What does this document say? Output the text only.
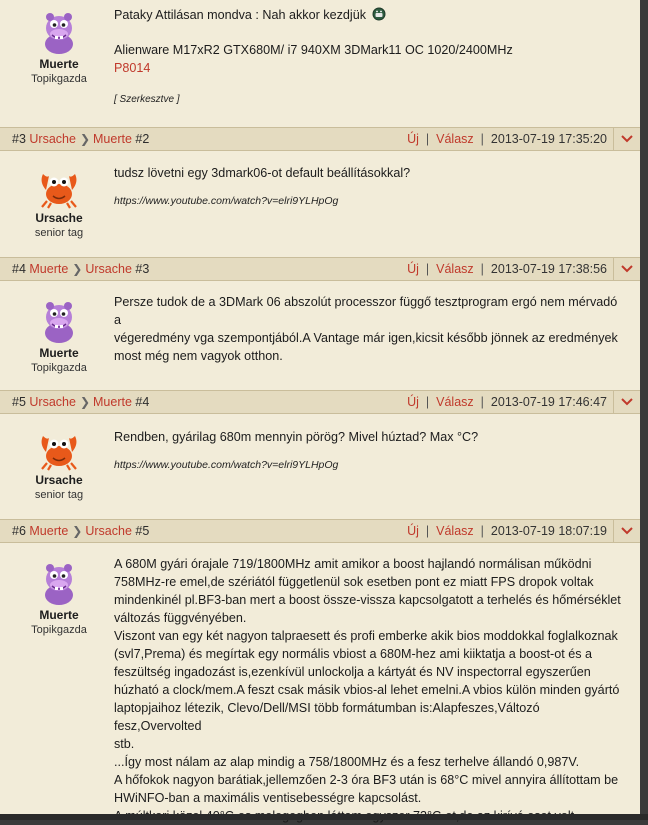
Muerte
Topikgazda

Pataky Attilásan mondva : Nah akkor kezdjük

Alienware M17xR2 GTX680M/ i7 940XM 3DMark11 OC 1020/2400MHz

P8014

[ Szerkesztve ]

#3 Ursache ❯ Muerte #2	Új | Válasz | 2013-07-19 17:35:20
Ursache
senior tag

tudsz lövetni egy 3dmark06-ot default beállításokkal?

https://www.youtube.com/watch?v=elri9YLHpOg

#4 Muerte ❯ Ursache #3	Új | Válasz | 2013-07-19 17:38:56
Muerte
Topikgazda

Persze tudok de a 3DMark 06 abszolút processzor függő tesztprogram ergó nem mérvadó a

végeredmény vga szempontjából.A Vantage már igen,kicsit később jönnek az eredmények

most még nem vagyok otthon.

#5 Ursache ❯ Muerte #4	Új | Válasz | 2013-07-19 17:46:47
Ursache
senior tag

Rendben, gyárilag 680m mennyin pörög? Mivel húztad? Max °C?

https://www.youtube.com/watch?v=elri9YLHpOg

#6 Muerte ❯ Ursache #5	Új | Válasz | 2013-07-19 18:07:19
Muerte
Topikgazda

A 680M gyári órajale 719/1800MHz amit amikor a boost hajlandó normálisan működni

758MHz-re emel,de szériától függetlenül sok esetben pont ez miatt FPS dropok voltak

mindenkinél pl.BF3-ban mert a boost össze-vissza kapcsolgatott a terhelés és hőmérséklet

változás függvényében.

Viszont van egy két nagyon talpraesett és profi emberke akik bios moddokkal foglalkoznak

(svl7,Prema) és megírtak egy normális vbiost a 680M-hez ami kiiktatja a boost-ot és a

feszültség ingadozást is,ezenkívül unlockolja a kártyát és NV inspectorral egyszerűen

húzható a clock/mem.A feszt csak másik vbios-al lehet emelni.A vbios külön minden gyártó

laptopjaihoz létezik, Clevo/Dell/MSI több formátumban is:Alapfeszes,Változó fesz,Overvolted

stb.

...Így most nálam az alap mindig a 758/1800MHz és a fesz terhelve állandó 0,987V.

A hőfokok nagyon barátiak,jellemzően 2-3 óra BF3 után is 68°C mivel annyira állítottam be

HWiNFO-ban a maximális ventisebességre kapcsolást.
